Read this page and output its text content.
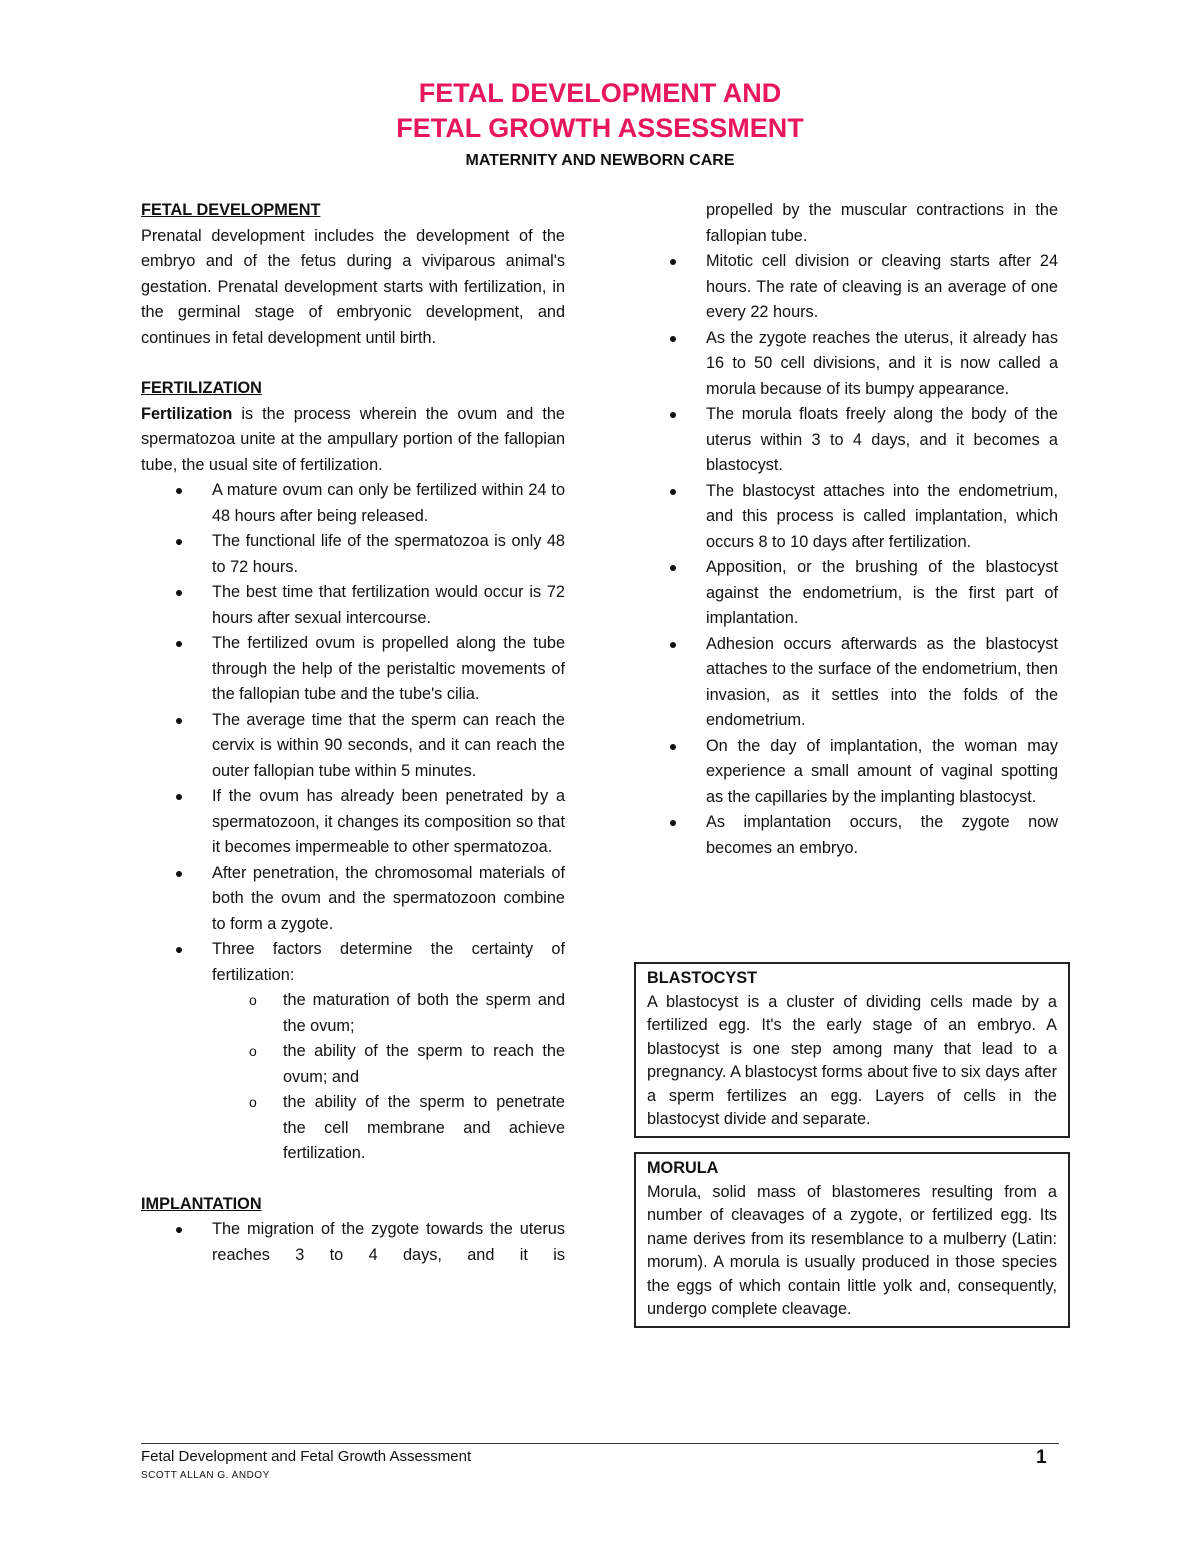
FETAL DEVELOPMENT AND
FETAL GROWTH ASSESSMENT
MATERNITY AND NEWBORN CARE
FETAL DEVELOPMENT

Prenatal development includes the development of the embryo and of the fetus during a viviparous animal's gestation. Prenatal development starts with fertilization, in the germinal stage of embryonic development, and continues in fetal development until birth.

FERTILIZATION

Fertilization is the process wherein the ovum and the spermatozoa unite at the ampullary portion of the fallopian tube, the usual site of fertilization.

A mature ovum can only be fertilized within 24 to 48 hours after being released.
The functional life of the spermatozoa is only 48 to 72 hours.
The best time that fertilization would occur is 72 hours after sexual intercourse.
The fertilized ovum is propelled along the tube through the help of the peristaltic movements of the fallopian tube and the tube's cilia.
The average time that the sperm can reach the cervix is within 90 seconds, and it can reach the outer fallopian tube within 5 minutes.
If the ovum has already been penetrated by a spermatozoon, it changes its composition so that it becomes impermeable to other spermatozoa.
After penetration, the chromosomal materials of both the ovum and the spermatozoon combine to form a zygote.
Three factors determine the certainty of fertilization:
o the maturation of both the sperm and the ovum;
o the ability of the sperm to reach the ovum; and
o the ability of the sperm to penetrate the cell membrane and achieve fertilization.
IMPLANTATION
The migration of the zygote towards the uterus reaches 3 to 4 days, and it is

propelled by the muscular contractions in the fallopian tube.

Mitotic cell division or cleaving starts after 24 hours. The rate of cleaving is an average of one every 22 hours.
As the zygote reaches the uterus, it already has 16 to 50 cell divisions, and it is now called a morula because of its bumpy appearance.
The morula floats freely along the body of the uterus within 3 to 4 days, and it becomes a blastocyst.
The blastocyst attaches into the endometrium, and this process is called implantation, which occurs 8 to 10 days after fertilization.
Apposition, or the brushing of the blastocyst against the endometrium, is the first part of implantation.
Adhesion occurs afterwards as the blastocyst attaches to the surface of the endometrium, then invasion, as it settles into the folds of the endometrium.
On the day of implantation, the woman may experience a small amount of vaginal spotting as the capillaries by the implanting blastocyst.
As implantation occurs, the zygote now becomes an embryo.
BLASTOCYST

A blastocyst is a cluster of dividing cells made by a fertilized egg. It's the early stage of an embryo. A blastocyst is one step among many that lead to a pregnancy. A blastocyst forms about five to six days after a sperm fertilizes an egg. Layers of cells in the blastocyst divide and separate.

MORULA

Morula, solid mass of blastomeres resulting from a number of cleavages of a zygote, or fertilized egg. Its name derives from its resemblance to a mulberry (Latin: morum). A morula is usually produced in those species the eggs of which contain little yolk and, consequently, undergo complete cleavage.

Fetal Development and Fetal Growth Assessment
SCOTT ALLAN G. ANDOY
1
